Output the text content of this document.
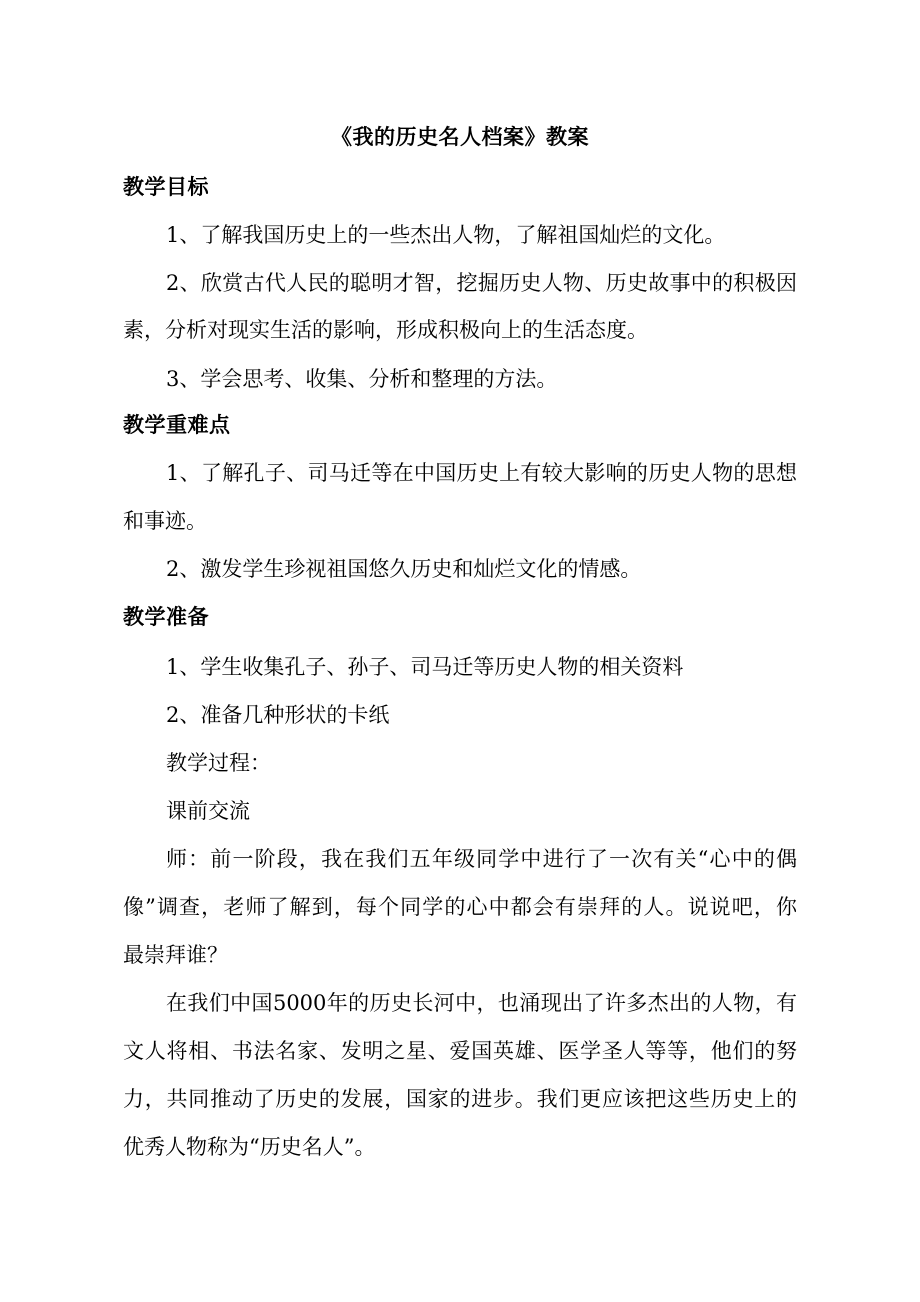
《我的历史名人档案》教案
教学目标
1、了解我国历史上的一些杰出人物，了解祖国灿烂的文化。
2、欣赏古代人民的聪明才智，挖掘历史人物、历史故事中的积极因
素，分析对现实生活的影响，形成积极向上的生活态度。
3、学会思考、收集、分析和整理的方法。
教学重难点
1、了解孔子、司马迁等在中国历史上有较大影响的历史人物的思想
和事迹。
2、激发学生珍视祖国悠久历史和灿烂文化的情感。
教学准备
1、学生收集孔子、孙子、司马迁等历史人物的相关资料
2、准备几种形状的卡纸
教学过程：
课前交流
师：前一阶段，我在我们五年级同学中进行了一次有关“心中的偶
像”调查，老师了解到，每个同学的心中都会有崇拜的人。说说吧，你
最崇拜谁？
在我们中国5000年的历史长河中，也涌现出了许多杰出的人物，有
文人将相、书法名家、发明之星、爱国英雄、医学圣人等等，他们的努
力，共同推动了历史的发展，国家的进步。我们更应该把这些历史上的
优秀人物称为“历史名人”。
